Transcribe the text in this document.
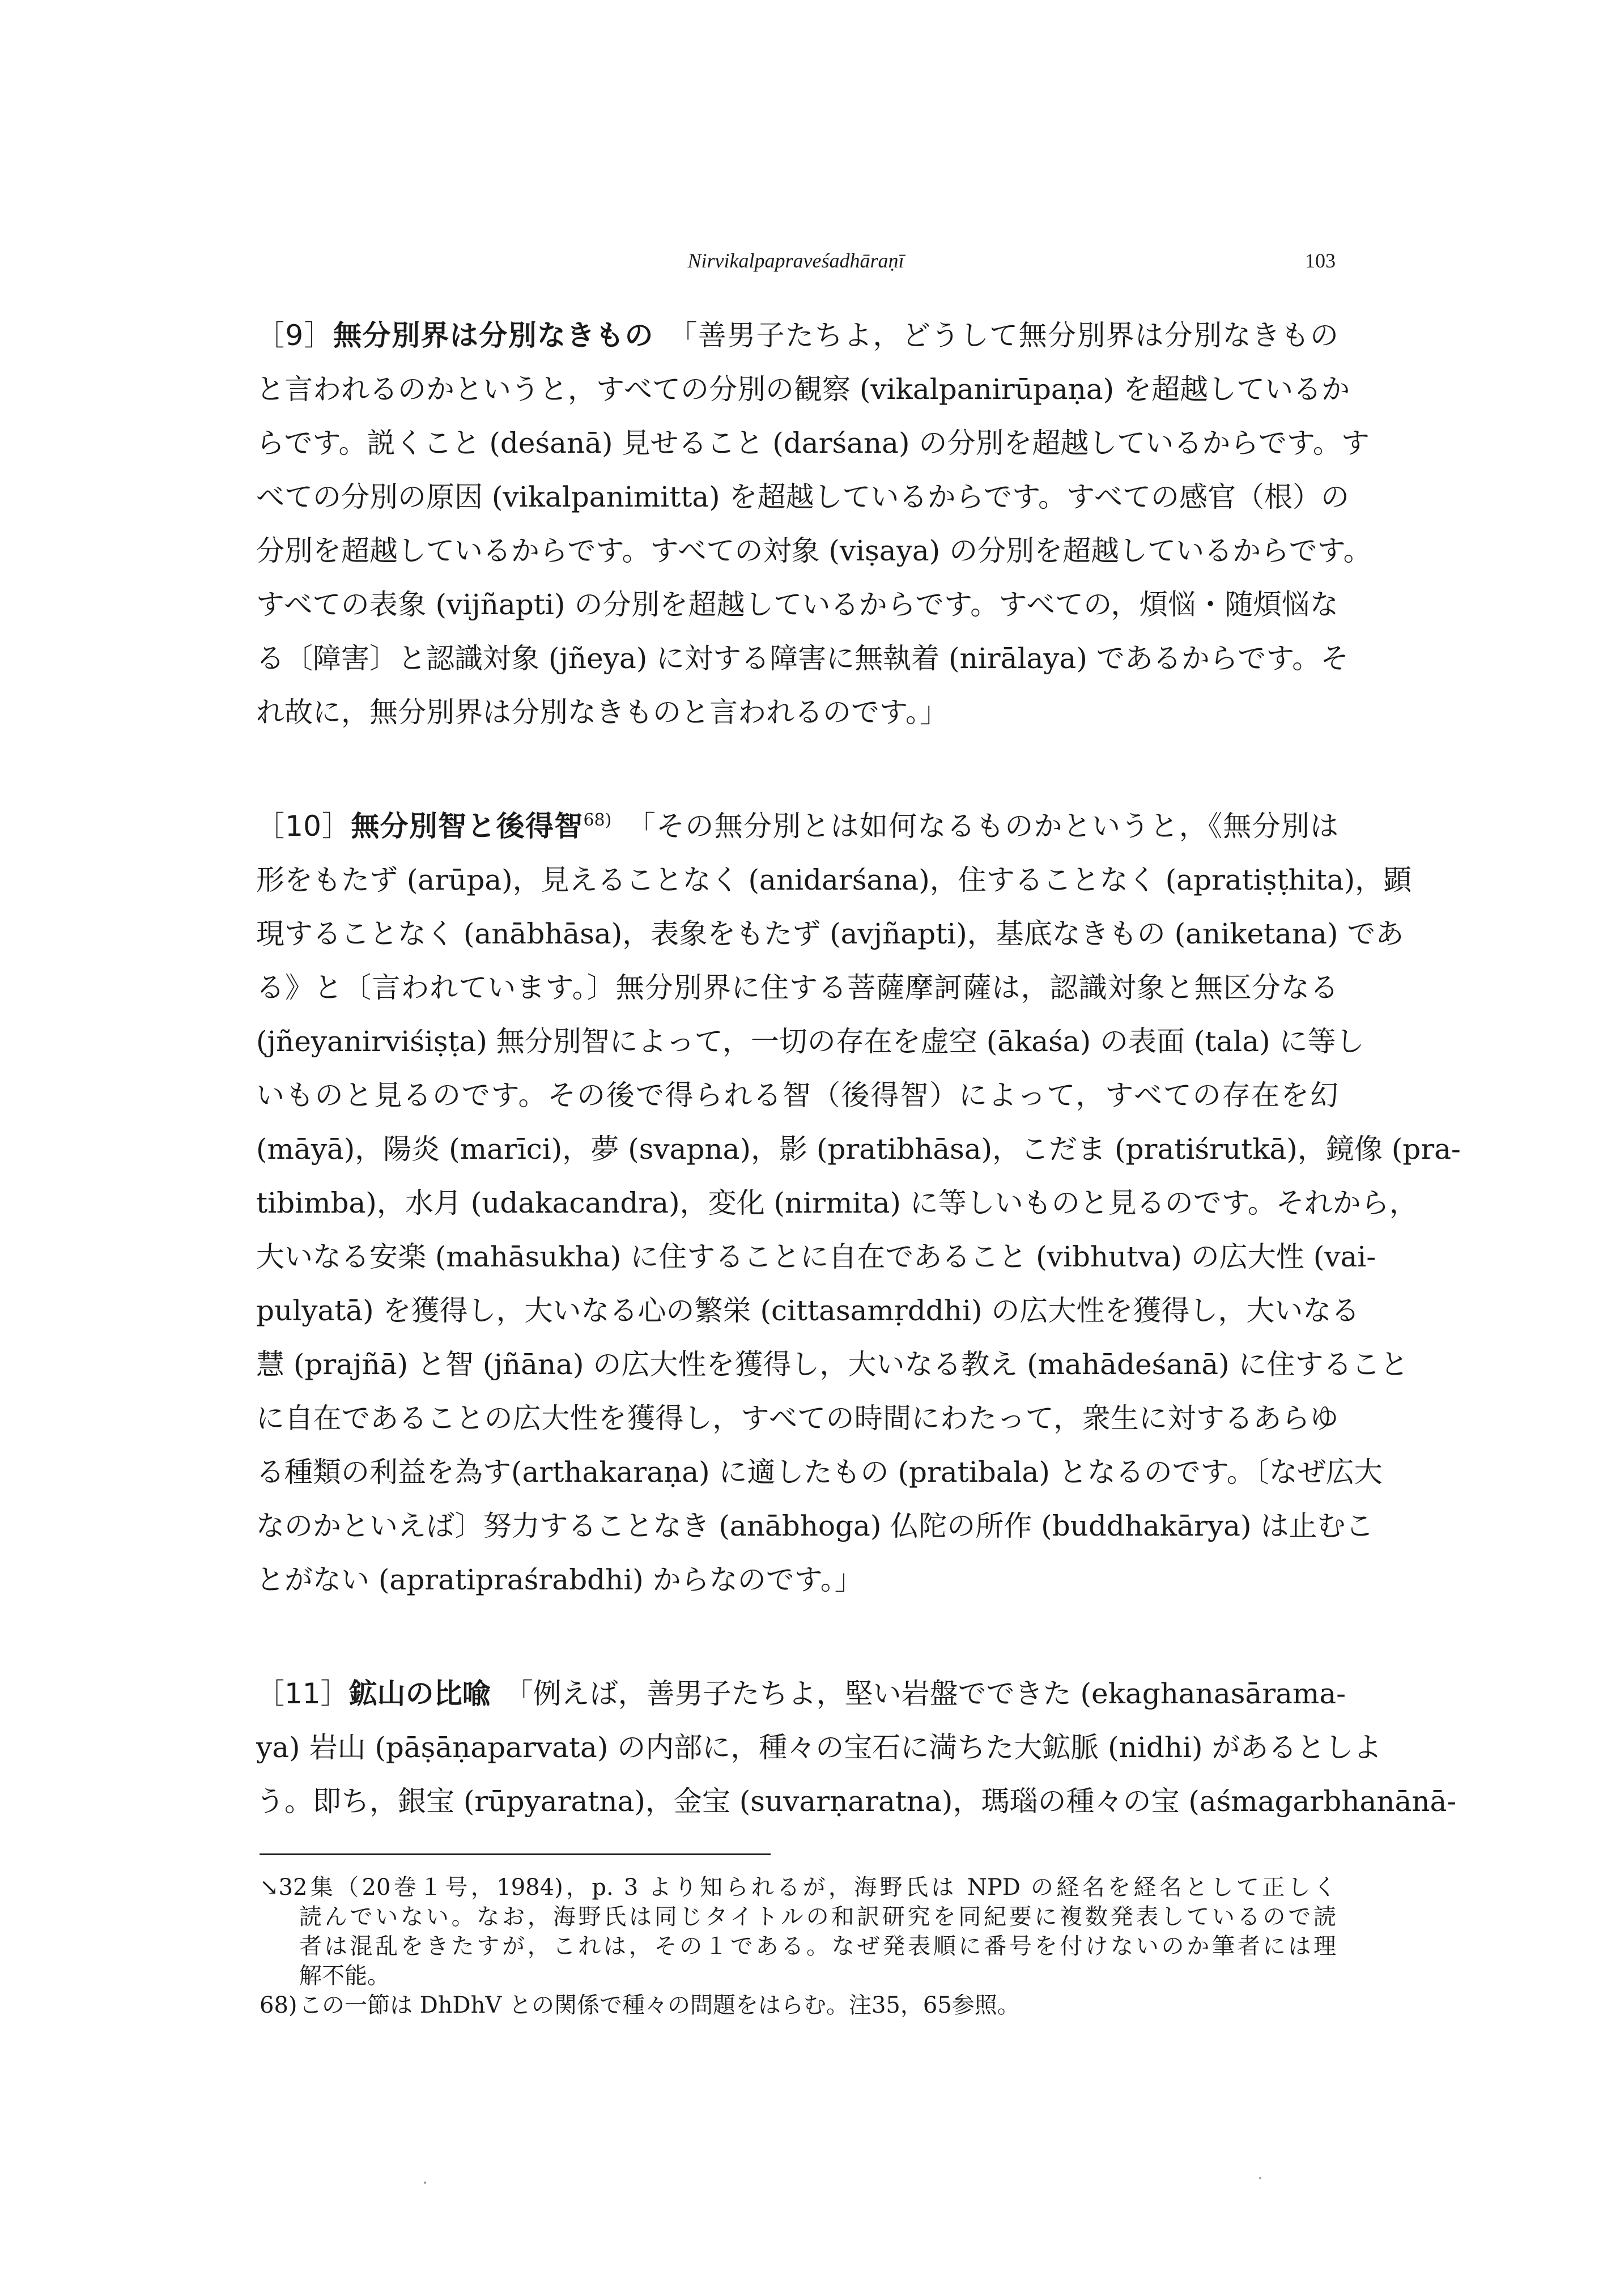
Nirvikalpapraveśadhāraṇī	103
［9］無分別界は分別なきもの　「善男子たちよ，どうして無分別界は分別なきもの
と言われるのかというと，すべての分別の観察 (vikalpanirūpaṇa) を超越しているか
らです。説くこと (deśanā) 見せること (darśana) の分別を超越しているからです。す
べての分別の原因 (vikalpanimitta) を超越しているからです。すべての感官（根）の
分別を超越しているからです。すべての対象 (viṣaya) の分別を超越しているからです。
すべての表象 (vijñapti) の分別を超越しているからです。すべての，煩悩・随煩悩な
る〔障害〕と認識対象 (jñeya) に対する障害に無執着 (nirālaya) であるからです。そ
れ故に，無分別界は分別なきものと言われるのです。」
［10］無分別智と後得智$^{68)}$　「その無分別とは如何なるものかというと，《無分別は
形をもたず (arūpa)，見えることなく (anidarśana)，住することなく (apratiṣṭhita)，顕
現することなく (anābhāsa)，表象をもたず (avjñapti)，基底なきもの (aniketana) であ
る》と〔言われています。〕無分別界に住する菩薩摩訶薩は，認識対象と無区分なる
(jñeyanirviśiṣṭa) 無分別智によって，一切の存在を虚空 (ākaśa) の表面 (tala) に等し
いものと見るのです。その後で得られる智（後得智）によって，すべての存在を幻
(māyā)，陽炎 (marīci)，夢 (svapna)，影 (pratibhāsa)，こだま (pratiśrutkā)，鏡像 (pra-
tibimba)，水月 (udakacandra)，変化 (nirmita) に等しいものと見るのです。それから，
大いなる安楽 (mahāsukha) に住することに自在であること (vibhutva) の広大性 (vai-
pulyatā) を獲得し，大いなる心の繁栄 (cittasamṛddhi) の広大性を獲得し，大いなる
慧 (prajñā) と智 (jñāna) の広大性を獲得し，大いなる教え (mahādeśanā) に住すること
に自在であることの広大性を獲得し，すべての時間にわたって，衆生に対するあらゆ
る種類の利益を為す(arthakaraṇa) に適したもの (pratibala) となるのです。〔なぜ広大
なのかといえば〕努力することなき (anābhoga) 仏陀の所作 (buddhakārya) は止むこ
とがない (apratipraśrabdhi) からなのです。」
［11］鉱山の比喩　「例えば，善男子たちよ，堅い岩盤でできた (ekaghanasārama-
ya) 岩山 (pāṣāṇaparvata) の内部に，種々の宝石に満ちた大鉱脈 (nidhi) があるとしよ
う。即ち，銀宝 (rūpyaratna)，金宝 (suvarṇaratna)，瑪瑙の種々の宝 (aśmagarbhanānā-
↘32集（20巻１号，1984)，p. 3 より知られるが，海野氏は NPD の経名を経名として正しく
読んでいない。なお，海野氏は同じタイトルの和訳研究を同紀要に複数発表しているので読
者は混乱をきたすが，これは，その１である。なぜ発表順に番号を付けないのか筆者には理
解不能。
68)この一節は DhDhV との関係で種々の問題をはらむ。注35，65参照。
